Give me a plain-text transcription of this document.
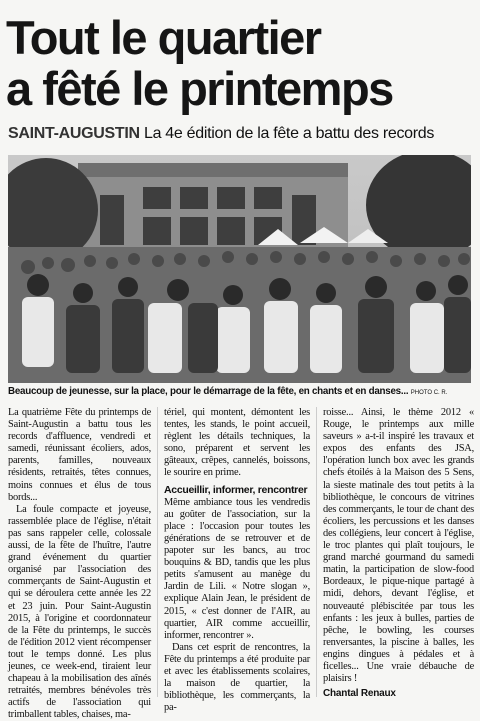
Tout le quartier
a fêté le printemps
SAINT-AUGUSTIN La 4e édition de la fête a battu des records
Beaucoup de jeunesse, sur la place, pour le démarrage de la fête, en chants et en danses... PHOTO C. R.

La quatrième Fête du printemps de Saint-Augustin a battu tous les records d'affluence, vendredi et samedi, réunissant écoliers, ados, parents, familles, nouveaux résidents, retraités, têtes connues, moins connues et élus de tous bords...

La foule compacte et joyeuse, rassemblée place de l'église, n'était pas sans rappeler celle, colossale aussi, de la fête de l'huître, l'autre grand événement du quartier organisé par l'association des commerçants de Saint-Augustin et qui se déroulera cette année les 22 et 23 juin. Pour Saint-Augustin 2015, à l'origine et coordonnateur de la Fête du printemps, le succès de l'édition 2012 vient récompenser tout le temps donné. Les plus jeunes, ce week-end, tiraient leur chapeau à la mobilisation des aînés retraités, membres bénévoles très actifs de l'association qui trimballent tables, chaises, ma-

tériel, qui montent, démontent les tentes, les stands, le point accueil, règlent les détails techniques, la sono, préparent et servent les gâteaux, crêpes, cannelés, boissons, le sourire en prime.

Accueillir, informer, rencontrer

Même ambiance tous les vendredis au goûter de l'association, sur la place : l'occasion pour toutes les générations de se retrouver et de papoter sur les bancs, au troc bouquins & BD, tandis que les plus petits s'amusent au manège du Jardin de Lili. « Notre slogan », explique Alain Jean, le président de 2015, « c'est donner de l'AIR, au quartier, AIR comme accueillir, informer, rencontrer ».

Dans cet esprit de rencontres, la Fête du printemps a été produite par et avec les établissements scolaires, la maison de quartier, la bibliothèque, les commerçants, la pa-

roisse... Ainsi, le thème 2012 « Rouge, le printemps aux mille saveurs » a-t-il inspiré les travaux et expos des enfants des JSA, l'opération lunch box avec les grands chefs étoilés à la Maison des 5 Sens, la sieste matinale des tout petits à la bibliothèque, le concours de vitrines des commerçants, le tour de chant des écoliers, les percussions et les danses des collégiens, leur concert à l'église, le troc plantes qui plaît toujours, le grand marché gourmand du samedi matin, la participation de slow-food Bordeaux, le pique-nique partagé à midi, dehors, devant l'église, et nouveauté plébiscitée par tous les enfants : les jeux à bulles, parties de pêche, le bowling, les courses renversantes, la piscine à balles, les engins dingues à pédales et à ficelles... Une vraie débauche de plaisirs !

Chantal Renaux
